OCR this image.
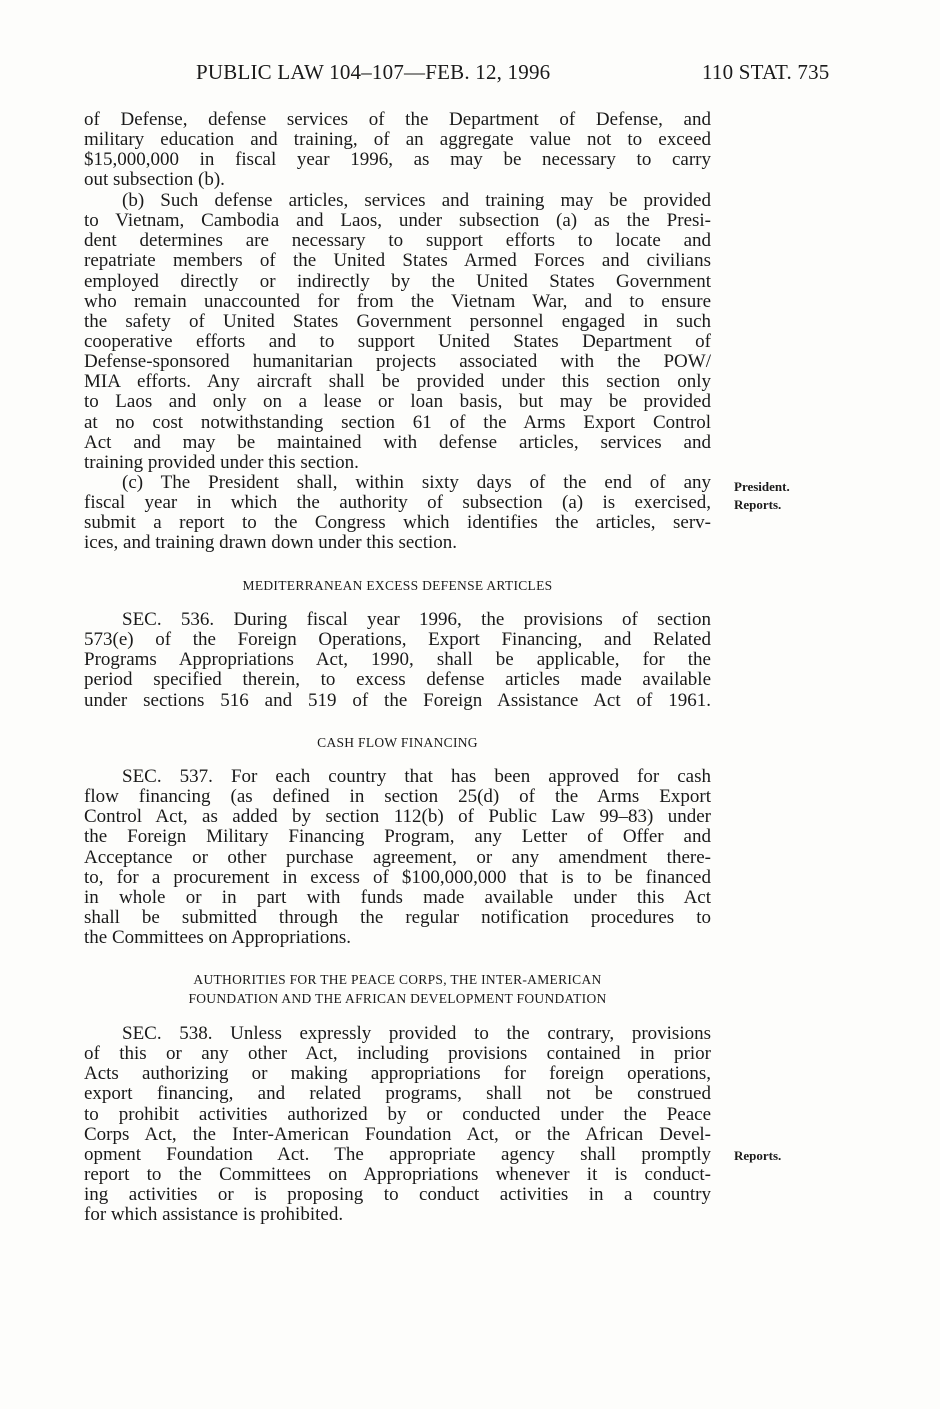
PUBLIC LAW 104–107—FEB. 12, 1996	110 STAT. 735
of Defense, defense services of the Department of Defense, and
military education and training, of an aggregate value not to exceed
$15,000,000 in fiscal year 1996, as may be necessary to carry
out subsection (b).
(b) Such defense articles, services and training may be provided
to Vietnam, Cambodia and Laos, under subsection (a) as the Presi-
dent determines are necessary to support efforts to locate and
repatriate members of the United States Armed Forces and civilians
employed directly or indirectly by the United States Government
who remain unaccounted for from the Vietnam War, and to ensure
the safety of United States Government personnel engaged in such
cooperative efforts and to support United States Department of
Defense-sponsored humanitarian projects associated with the POW/
MIA efforts. Any aircraft shall be provided under this section only
to Laos and only on a lease or loan basis, but may be provided
at no cost notwithstanding section 61 of the Arms Export Control
Act and may be maintained with defense articles, services and
training provided under this section.
(c) The President shall, within sixty days of the end of any
fiscal year in which the authority of subsection (a) is exercised,
submit a report to the Congress which identifies the articles, serv-
ices, and training drawn down under this section.
MEDITERRANEAN EXCESS DEFENSE ARTICLES
SEC. 536. During fiscal year 1996, the provisions of section
573(e) of the Foreign Operations, Export Financing, and Related
Programs Appropriations Act, 1990, shall be applicable, for the
period specified therein, to excess defense articles made available
under sections 516 and 519 of the Foreign Assistance Act of 1961.
CASH FLOW FINANCING
SEC. 537. For each country that has been approved for cash
flow financing (as defined in section 25(d) of the Arms Export
Control Act, as added by section 112(b) of Public Law 99–83) under
the Foreign Military Financing Program, any Letter of Offer and
Acceptance or other purchase agreement, or any amendment there-
to, for a procurement in excess of $100,000,000 that is to be financed
in whole or in part with funds made available under this Act
shall be submitted through the regular notification procedures to
the Committees on Appropriations.
AUTHORITIES FOR THE PEACE CORPS, THE INTER-AMERICAN
FOUNDATION AND THE AFRICAN DEVELOPMENT FOUNDATION
SEC. 538. Unless expressly provided to the contrary, provisions
of this or any other Act, including provisions contained in prior
Acts authorizing or making appropriations for foreign operations,
export financing, and related programs, shall not be construed
to prohibit activities authorized by or conducted under the Peace
Corps Act, the Inter-American Foundation Act, or the African Devel-
opment Foundation Act. The appropriate agency shall promptly
report to the Committees on Appropriations whenever it is conduct-
ing activities or is proposing to conduct activities in a country
for which assistance is prohibited.
President.
Reports.
Reports.
